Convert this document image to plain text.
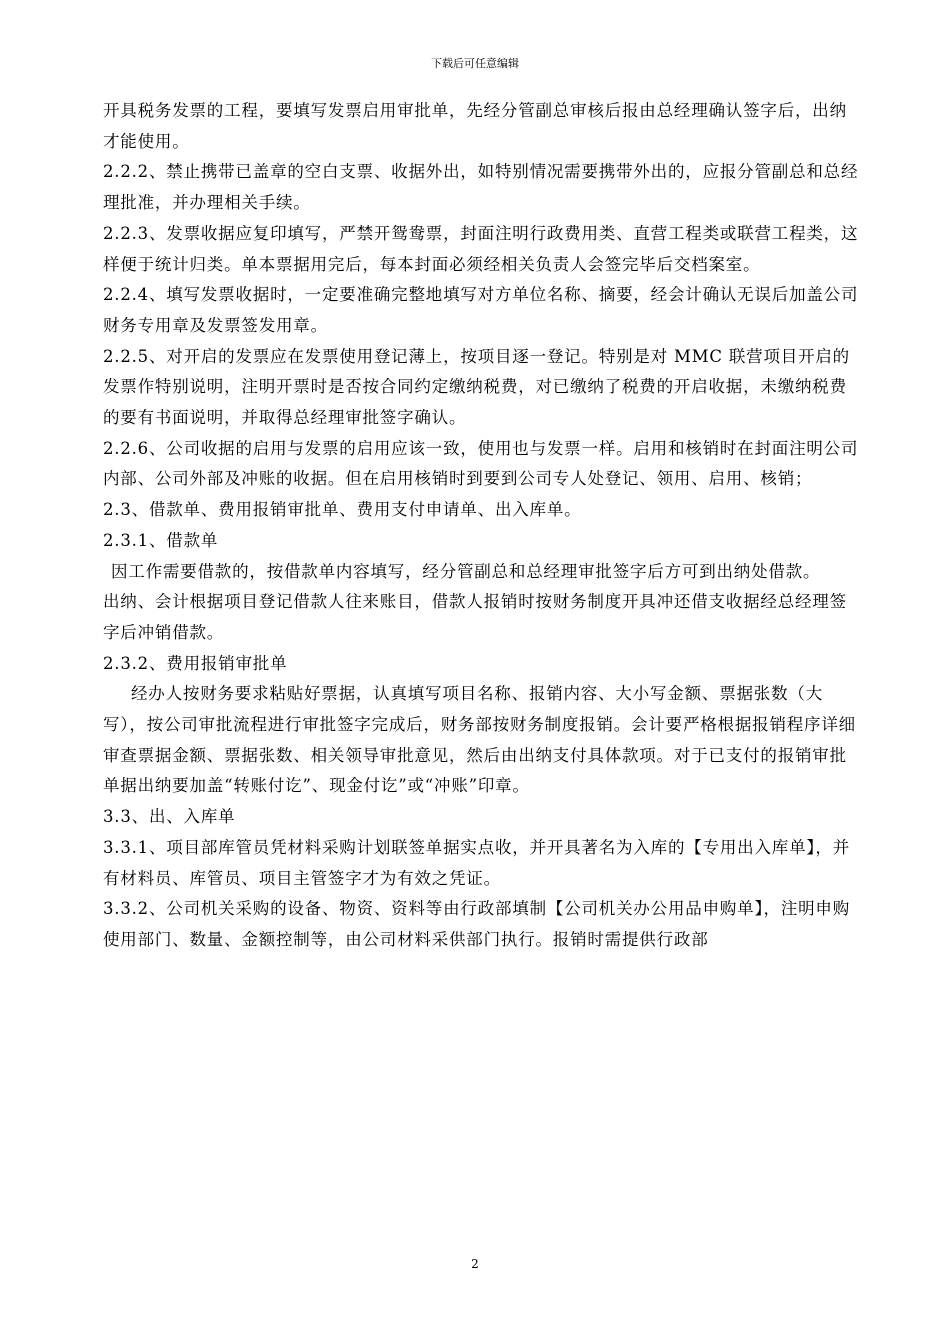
下载后可任意编辑

开具税务发票的工程，要填写发票启用审批单，先经分管副总审核后报由总经理确认签字后，出纳才能使用。

2.2.2、禁止携带已盖章的空白支票、收据外出，如特别情况需要携带外出的，应报分管副总和总经理批准，并办理相关手续。

2.2.3、发票收据应复印填写，严禁开鸳鸯票，封面注明行政费用类、直营工程类或联营工程类，这样便于统计归类。单本票据用完后，每本封面必须经相关负责人会签完毕后交档案室。

2.2.4、填写发票收据时，一定要准确完整地填写对方单位名称、摘要，经会计确认无误后加盖公司财务专用章及发票签发用章。

2.2.5、对开启的发票应在发票使用登记薄上，按项目逐一登记。特别是对 MMC 联营项目开启的发票作特别说明，注明开票时是否按合同约定缴纳税费，对已缴纳了税费的开启收据，未缴纳税费的要有书面说明，并取得总经理审批签字确认。

2.2.6、公司收据的启用与发票的启用应该一致，使用也与发票一样。启用和核销时在封面注明公司内部、公司外部及冲账的收据。但在启用核销时到要到公司专人处登记、领用、启用、核销；

2.3、借款单、费用报销审批单、费用支付申请单、出入库单。

2.3.1、借款单

因工作需要借款的，按借款单内容填写，经分管副总和总经理审批签字后方可到出纳处借款。

出纳、会计根据项目登记借款人往来账目，借款人报销时按财务制度开具冲还借支收据经总经理签字后冲销借款。

2.3.2、费用报销审批单

经办人按财务要求粘贴好票据，认真填写项目名称、报销内容、大小写金额、票据张数（大写），按公司审批流程进行审批签字完成后，财务部按财务制度报销。会计要严格根据报销程序详细审查票据金额、票据张数、相关领导审批意见，然后由出纳支付具体款项。对于已支付的报销审批单据出纳要加盖“转账付讫”、现金付讫”或“冲账”印章。

3.3、出、入库单

3.3.1、项目部库管员凭材料采购计划联签单据实点收，并开具著名为入库的【专用出入库单】，并有材料员、库管员、项目主管签字才为有效之凭证。

3.3.2、公司机关采购的设备、物资、资料等由行政部填制【公司机关办公用品申购单】，注明申购使用部门、数量、金额控制等，由公司材料采供部门执行。报销时需提供行政部

2
